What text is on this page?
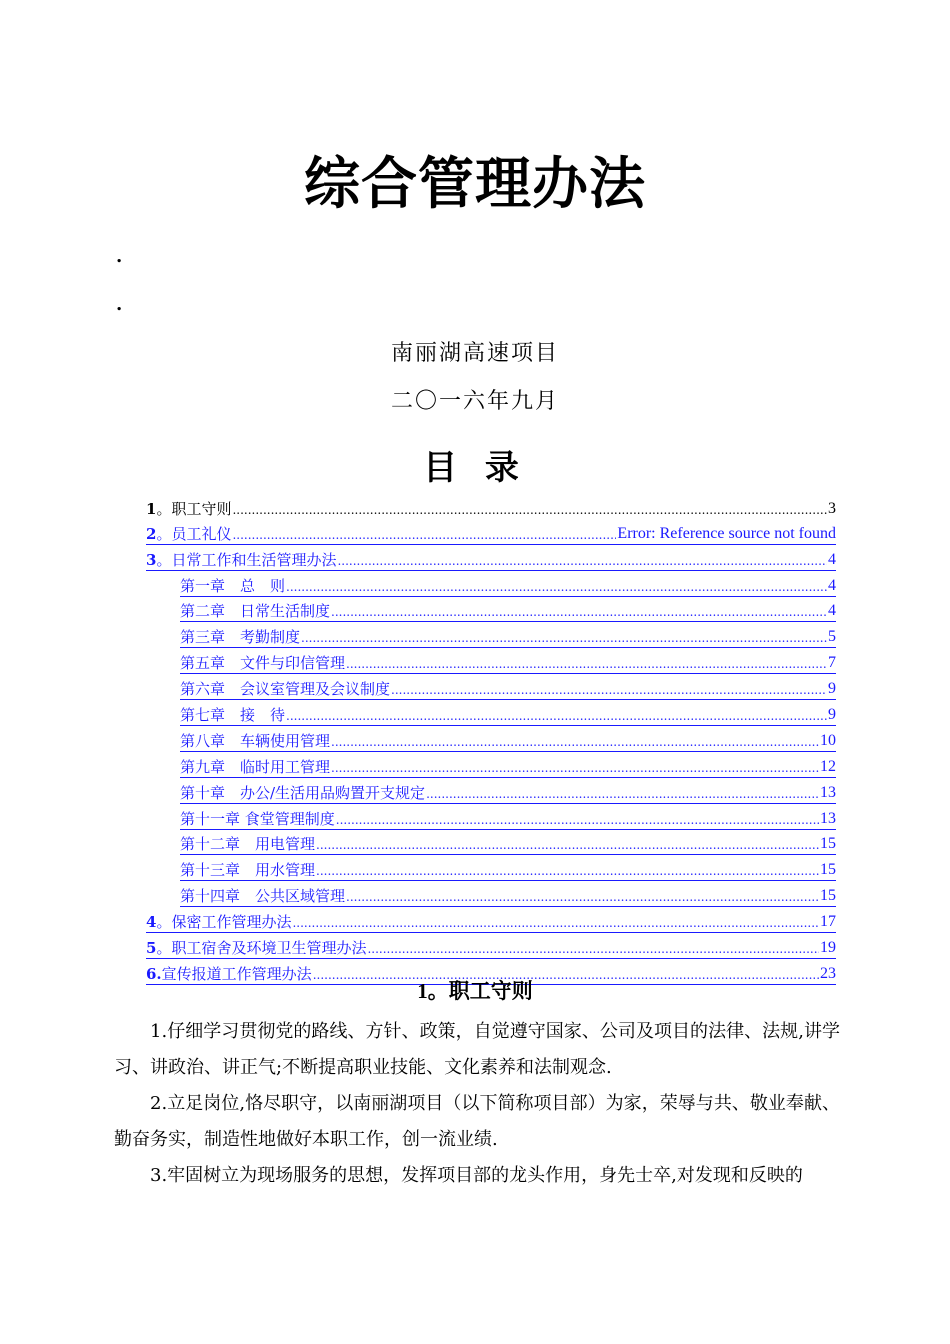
综合管理办法
.
.
南丽湖高速项目
二〇一六年九月
目 录
1。职工守则 .....	3
2。员工礼仪 .....	Error: Reference source not found
3。日常工作和生活管理办法 .....	4
第一章　总　则 .....	4
第二章　日常生活制度 .....	4
第三章　考勤制度 .....	5
第五章　文件与印信管理 .....	7
第六章　会议室管理及会议制度 .....	9
第七章　接　待 .....	9
第八章　车辆使用管理 .....	10
第九章　临时用工管理 .....	12
第十章　办公/生活用品购置开支规定 .....	13
第十一章 食堂管理制度 .....	13
第十二章　用电管理 .....	15
第十三章　用水管理 .....	15
第十四章　公共区域管理 .....	15
4。保密工作管理办法 .....	17
5。职工宿舍及环境卫生管理办法 .....	19
6.宣传报道工作管理办法 .....	23
1。职工守则
1.仔细学习贯彻党的路线、方针、政策，自觉遵守国家、公司及项目的法律、法规,讲学习、讲政治、讲正气;不断提高职业技能、文化素养和法制观念.
2.立足岗位,恪尽职守，以南丽湖项目（以下简称项目部）为家，荣辱与共、敬业奉献、勤奋务实，制造性地做好本职工作，创一流业绩.
3.牢固树立为现场服务的思想，发挥项目部的龙头作用，身先士卒,对发现和反映的
